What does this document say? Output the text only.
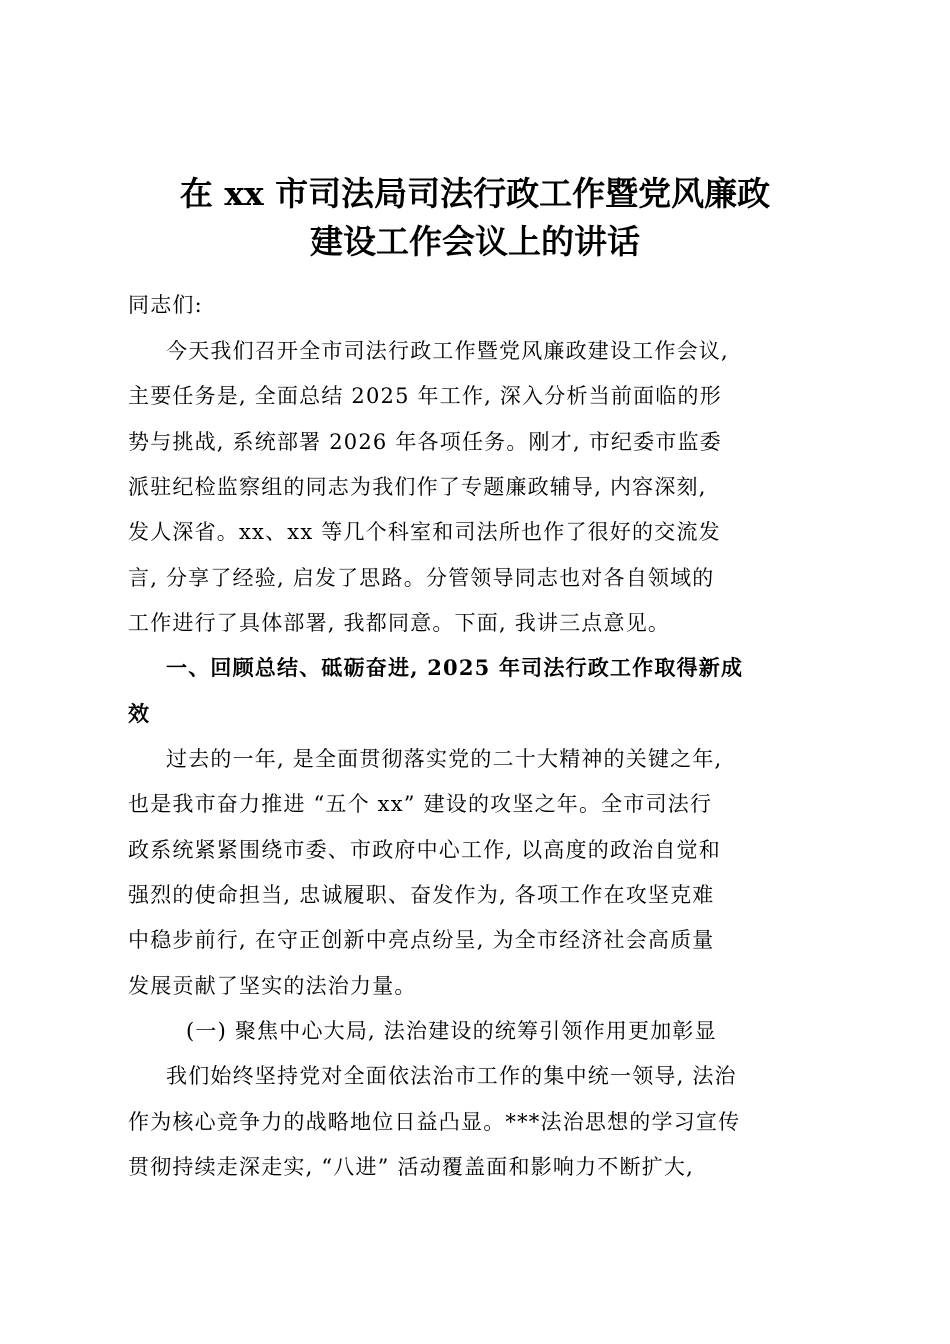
在 xx 市司法局司法行政工作暨党风廉政
建设工作会议上的讲话
同志们:
今天我们召开全市司法行政工作暨党风廉政建设工作会议,
主要任务是, 全面总结 2025 年工作, 深入分析当前面临的形
势与挑战, 系统部署 2026 年各项任务。刚才, 市纪委市监委
派驻纪检监察组的同志为我们作了专题廉政辅导, 内容深刻,
发人深省。xx、xx 等几个科室和司法所也作了很好的交流发
言, 分享了经验, 启发了思路。分管领导同志也对各自领域的
工作进行了具体部署, 我都同意。下面, 我讲三点意见。
一、回顾总结、砥砺奋进, 2025 年司法行政工作取得新成
效
过去的一年, 是全面贯彻落实党的二十大精神的关键之年,
也是我市奋力推进 “五个 xx” 建设的攻坚之年。全市司法行
政系统紧紧围绕市委、市政府中心工作, 以高度的政治自觉和
强烈的使命担当, 忠诚履职、奋发作为, 各项工作在攻坚克难
中稳步前行, 在守正创新中亮点纷呈, 为全市经济社会高质量
发展贡献了坚实的法治力量。
(一) 聚焦中心大局, 法治建设的统筹引领作用更加彰显
我们始终坚持党对全面依法治市工作的集中统一领导, 法治
作为核心竞争力的战略地位日益凸显。***法治思想的学习宣传
贯彻持续走深走实, “八进” 活动覆盖面和影响力不断扩大,
